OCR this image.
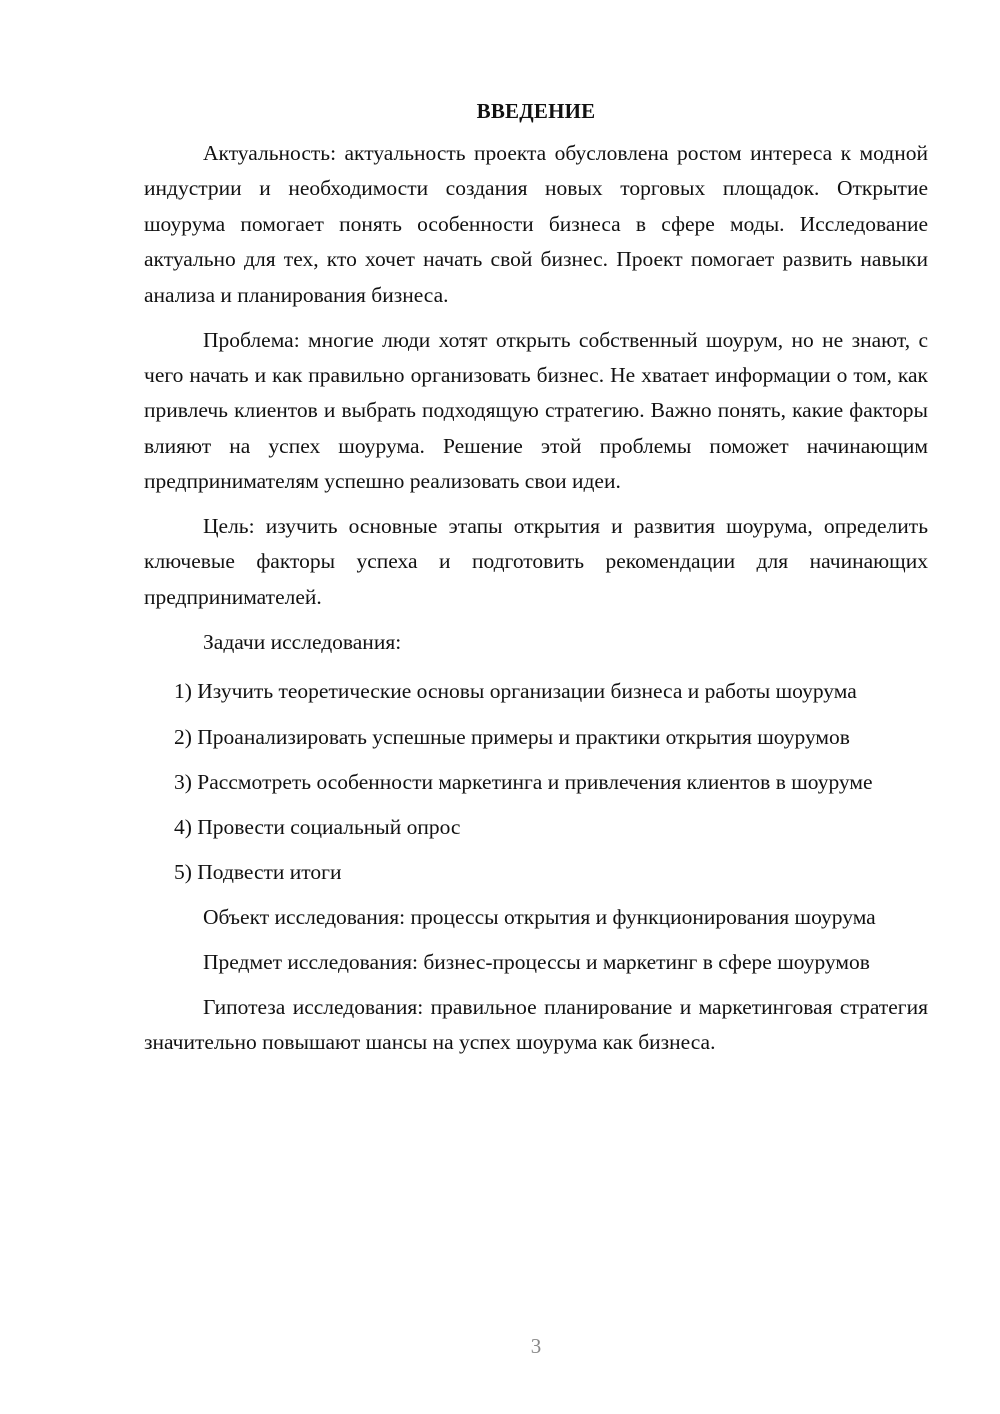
ВВЕДЕНИЕ

Актуальность: актуальность проекта обусловлена ростом интереса к модной индустрии и необходимости создания новых торговых площадок. Открытие шоурума помогает понять особенности бизнеса в сфере моды. Исследование актуально для тех, кто хочет начать свой бизнес. Проект помогает развить навыки анализа и планирования бизнеса.

Проблема: многие люди хотят открыть собственный шоурум, но не знают, с чего начать и как правильно организовать бизнес. Не хватает информации о том, как привлечь клиентов и выбрать подходящую стратегию. Важно понять, какие факторы влияют на успех шоурума. Решение этой проблемы поможет начинающим предпринимателям успешно реализовать свои идеи.

Цель: изучить основные этапы открытия и развития шоурума, определить ключевые факторы успеха и подготовить рекомендации для начинающих предпринимателей.

Задачи исследования:

1) Изучить теоретические основы организации бизнеса и работы шоурума

2) Проанализировать успешные примеры и практики открытия шоурумов

3) Рассмотреть особенности маркетинга и привлечения клиентов в шоуруме

4) Провести социальный опрос

5) Подвести итоги

Объект исследования: процессы открытия и функционирования шоурума

Предмет исследования: бизнес-процессы и маркетинг в сфере шоурумов

Гипотеза исследования: правильное планирование и маркетинговая стратегия значительно повышают шансы на успех шоурума как бизнеса.

3
